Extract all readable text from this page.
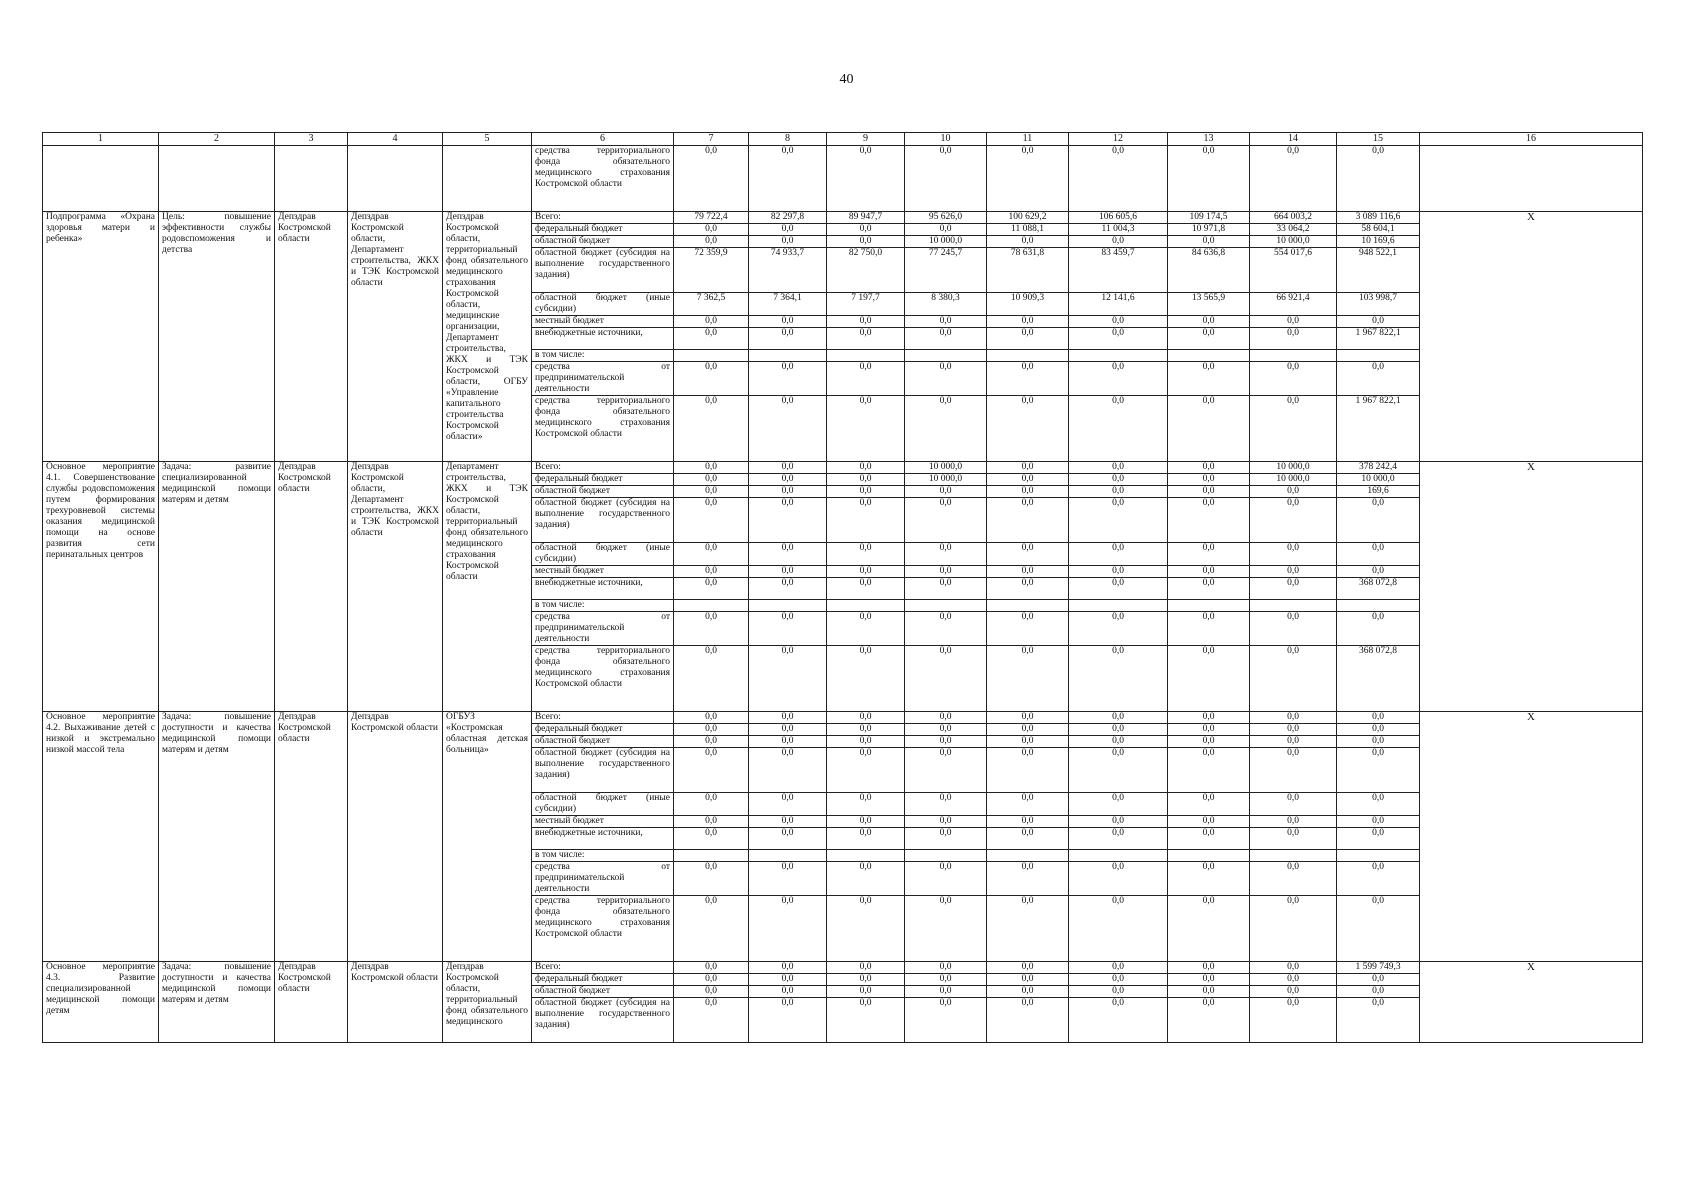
40
1	2	3	4	5	6	7	8	9	10	11	12	13	14	15	16
					средства территориального фонда обязательного медицинского страхования Костромской области	0,0	0,0	0,0	0,0	0,0	0,0	0,0	0,0	0,0	
Подпрограмма «Охрана здоровья матери и ребенка»	Цель: повышение эффективности службы родовспоможения и детства	Депздрав Костромской области	Депздрав Костромской области, Департамент строительства, ЖКХ и ТЭК Костромской области	Депздрав Костромской области, территориальный фонд обязательного медицинского страхования Костромской области, медицинские организации, Департамент строительства, ЖКХ и ТЭК Костромской области, ОГБУ «Управление капитального строительства Костромской области»	Всего:	79 722,4	82 297,8	89 947,7	95 626,0	100 629,2	106 605,6	109 174,5	664 003,2	3 089 116,6	X
					федеральный бюджет	0,0	0,0	0,0	0,0	11 088,1	11 004,3	10 971,8	33 064,2	58 604,1	
					областной бюджет	0,0	0,0	0,0	10 000,0	0,0	0,0	0,0	10 000,0	10 169,6	
					областной бюджет (субсидия на выполнение государственного задания)	72 359,9	74 933,7	82 750,0	77 245,7	78 631,8	83 459,7	84 636,8	554 017,6	948 522,1	
					областной бюджет (иные субсидии)	7 362,5	7 364,1	7 197,7	8 380,3	10 909,3	12 141,6	13 565,9	66 921,4	103 998,7	
					местный бюджет	0,0	0,0	0,0	0,0	0,0	0,0	0,0	0,0	0,0	
					внебюджетные источники,	0,0	0,0	0,0	0,0	0,0	0,0	0,0	0,0	1 967 822,1	
					в том числе:										
					средства от предпринимательской деятельности	0,0	0,0	0,0	0,0	0,0	0,0	0,0	0,0	0,0	
					средства территориального фонда обязательного медицинского страхования Костромской области	0,0	0,0	0,0	0,0	0,0	0,0	0,0	0,0	1 967 822,1	
Основное мероприятие 4.1. Совершенствование службы родовспоможения путем формирования трехуровневой системы оказания медицинской помощи на основе развития сети перинатальных центров	Задача: развитие специализированной медицинской помощи матерям и детям	Депздрав Костромской области	Депздрав Костромской области, Департамент строительства, ЖКХ и ТЭК Костромской области	Департамент строительства, ЖКХ и ТЭК Костромской области, территориальный фонд обязательного медицинского страхования Костромской области	Всего:	0,0	0,0	0,0	10 000,0	0,0	0,0	0,0	10 000,0	378 242,4	X
					федеральный бюджет	0,0	0,0	0,0	10 000,0	0,0	0,0	0,0	10 000,0	10 000,0	
					областной бюджет	0,0	0,0	0,0	0,0	0,0	0,0	0,0	0,0	169,6	
					областной бюджет (субсидия на выполнение государственного задания)	0,0	0,0	0,0	0,0	0,0	0,0	0,0	0,0	0,0	
					областной бюджет (иные субсидии)	0,0	0,0	0,0	0,0	0,0	0,0	0,0	0,0	0,0	
					местный бюджет	0,0	0,0	0,0	0,0	0,0	0,0	0,0	0,0	0,0	
					внебюджетные источники,	0,0	0,0	0,0	0,0	0,0	0,0	0,0	0,0	368 072,8	
					в том числе:										
					средства от предпринимательской деятельности	0,0	0,0	0,0	0,0	0,0	0,0	0,0	0,0	0,0	
					средства территориального фонда обязательного медицинского страхования Костромской области	0,0	0,0	0,0	0,0	0,0	0,0	0,0	0,0	368 072,8	
Основное мероприятие 4.2. Выхаживание детей с низкой и экстремально низкой массой тела	Задача: повышение доступности и качества медицинской помощи матерям и детям	Депздрав Костромской области	Депздрав Костромской области	ОГБУЗ «Костромская областная детская больница»	Всего:	0,0	0,0	0,0	0,0	0,0	0,0	0,0	0,0	0,0	X
					федеральный бюджет	0,0	0,0	0,0	0,0	0,0	0,0	0,0	0,0	0,0	
					областной бюджет	0,0	0,0	0,0	0,0	0,0	0,0	0,0	0,0	0,0	
					областной бюджет (субсидия на выполнение государственного задания)	0,0	0,0	0,0	0,0	0,0	0,0	0,0	0,0	0,0	
					областной бюджет (иные субсидии)	0,0	0,0	0,0	0,0	0,0	0,0	0,0	0,0	0,0	
					местный бюджет	0,0	0,0	0,0	0,0	0,0	0,0	0,0	0,0	0,0	
					внебюджетные источники,	0,0	0,0	0,0	0,0	0,0	0,0	0,0	0,0	0,0	
					в том числе:										
					средства от предпринимательской деятельности	0,0	0,0	0,0	0,0	0,0	0,0	0,0	0,0	0,0	
					средства территориального фонда обязательного медицинского страхования Костромской области	0,0	0,0	0,0	0,0	0,0	0,0	0,0	0,0	0,0	
Основное мероприятие 4.3. Развитие специализированной медицинской помощи детям	Задача: повышение доступности и качества медицинской помощи матерям и детям	Депздрав Костромской области	Депздрав Костромской области	Депздрав Костромской области, территориальный фонд обязательного медицинского	Всего:	0,0	0,0	0,0	0,0	0,0	0,0	0,0	0,0	1 599 749,3	X
					федеральный бюджет	0,0	0,0	0,0	0,0	0,0	0,0	0,0	0,0	0,0	
					областной бюджет	0,0	0,0	0,0	0,0	0,0	0,0	0,0	0,0	0,0	
					областной бюджет (субсидия на выполнение государственного задания)	0,0	0,0	0,0	0,0	0,0	0,0	0,0	0,0	0,0	
